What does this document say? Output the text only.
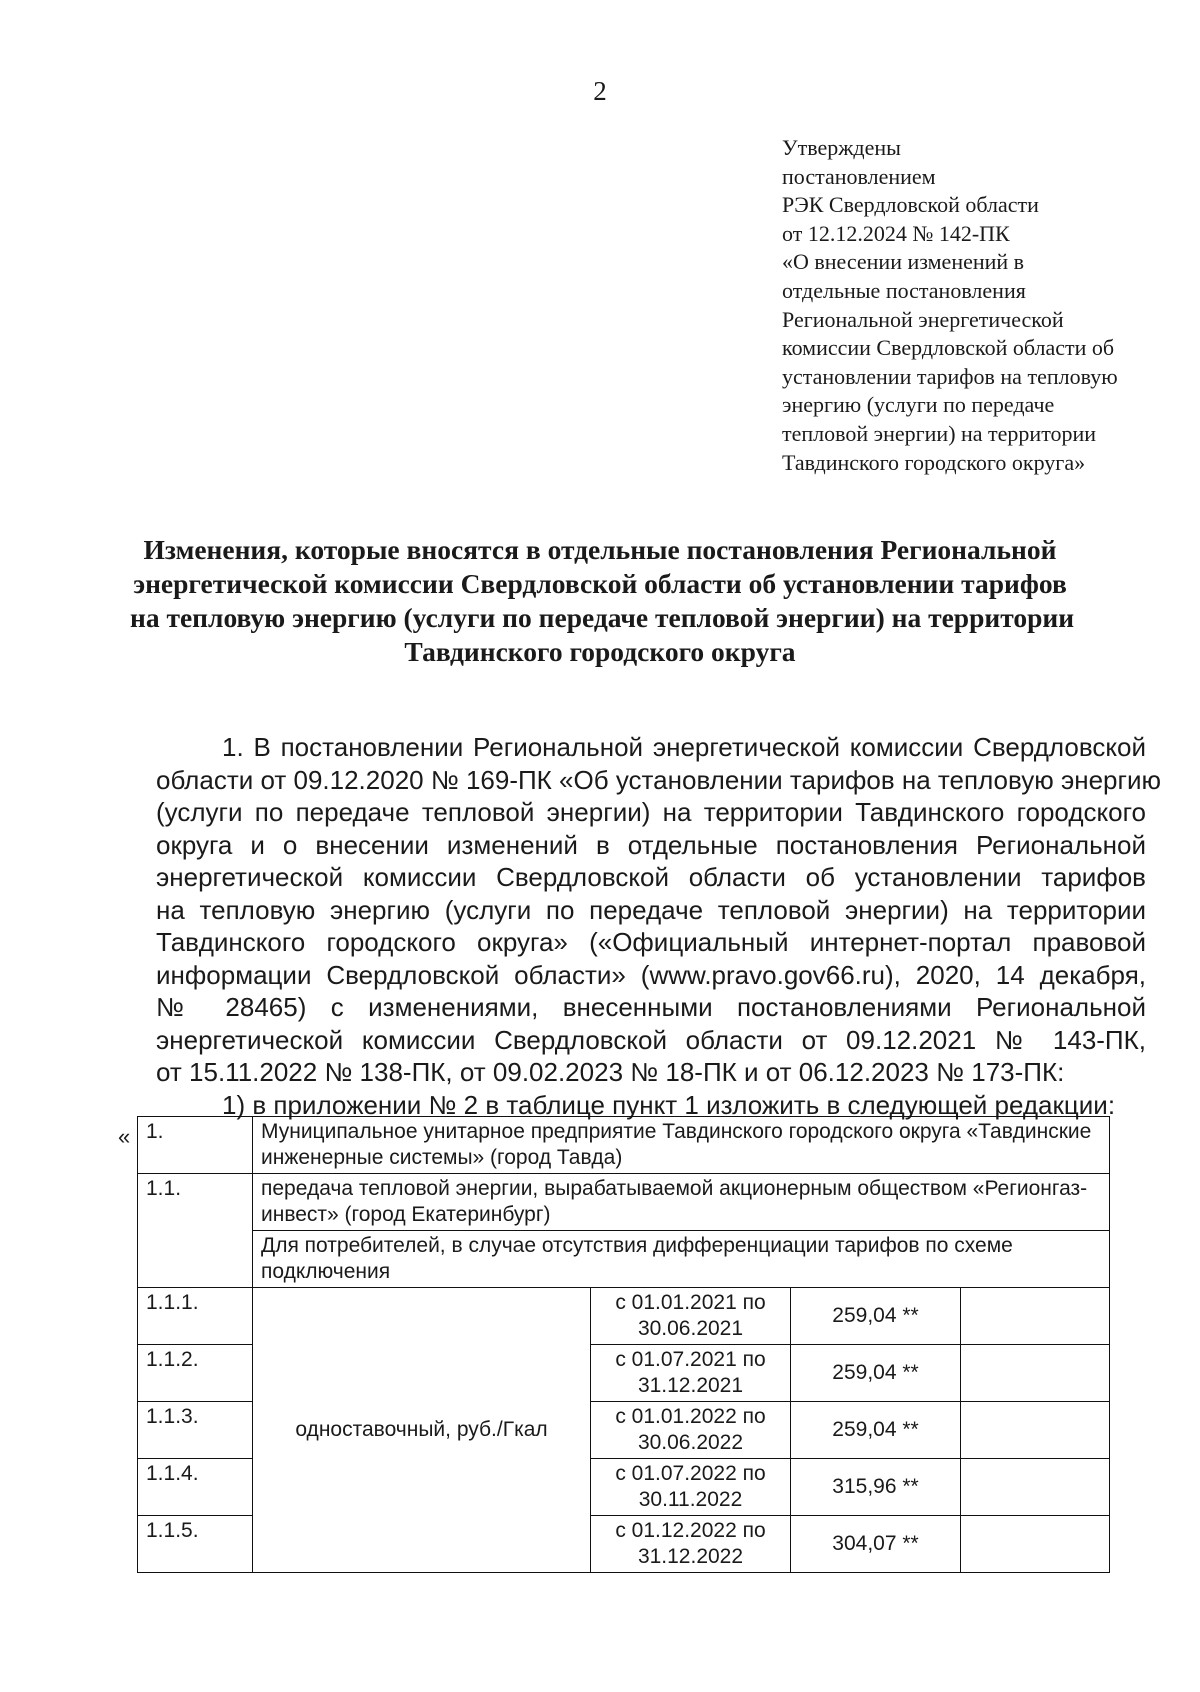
2
Утверждены
постановлением
РЭК Свердловской области
от 12.12.2024 № 142-ПК
«О внесении изменений в
отдельные постановления
Региональной энергетической
комиссии Свердловской области об
установлении тарифов на тепловую
энергию (услуги по передаче
тепловой энергии) на территории
Тавдинского городского округа»
Изменения, которые вносятся в отдельные постановления Региональной
энергетической комиссии Свердловской области об установлении тарифов
на тепловую энергию (услуги по передаче тепловой энергии) на территории
Тавдинского городского округа
1. В постановлении Региональной энергетической комиссии Свердловской
области от 09.12.2020 № 169-ПК «Об установлении тарифов на тепловую энергию
(услуги по передаче тепловой энергии) на территории Тавдинского городского
округа и о внесении изменений в отдельные постановления Региональной
энергетической комиссии Свердловской области об установлении тарифов
на тепловую энергию (услуги по передаче тепловой энергии) на территории
Тавдинского городского округа» («Официальный интернет-портал правовой
информации Свердловской области» (www.pravo.gov66.ru), 2020, 14 декабря,
№ 28465) с изменениями, внесенными постановлениями Региональной
энергетической комиссии Свердловской области от 09.12.2021 № 143-ПК,
от 15.11.2022 № 138-ПК, от 09.02.2023 № 18-ПК и от 06.12.2023 № 173-ПК:
1) в приложении № 2 в таблице пункт 1 изложить в следующей редакции:
« 1.	Муниципальное унитарное предприятие Тавдинского городского округа «Тавдинские инженерные системы» (город Тавда)			
1.1.	передача тепловой энергии, вырабатываемой акционерным обществом «Регионгаз-инвест» (город Екатеринбург)			
	Для потребителей, в случае отсутствия дифференциации тарифов по схеме подключения			
1.1.1.	одноставочный, руб./Гкал	с 01.01.2021 по 30.06.2021	259,04 **	
1.1.2.		с 01.07.2021 по 31.12.2021	259,04 **	
1.1.3.		с 01.01.2022 по 30.06.2022	259,04 **	
1.1.4.		с 01.07.2022 по 30.11.2022	315,96 **	
1.1.5.		с 01.12.2022 по 31.12.2022	304,07 **	
